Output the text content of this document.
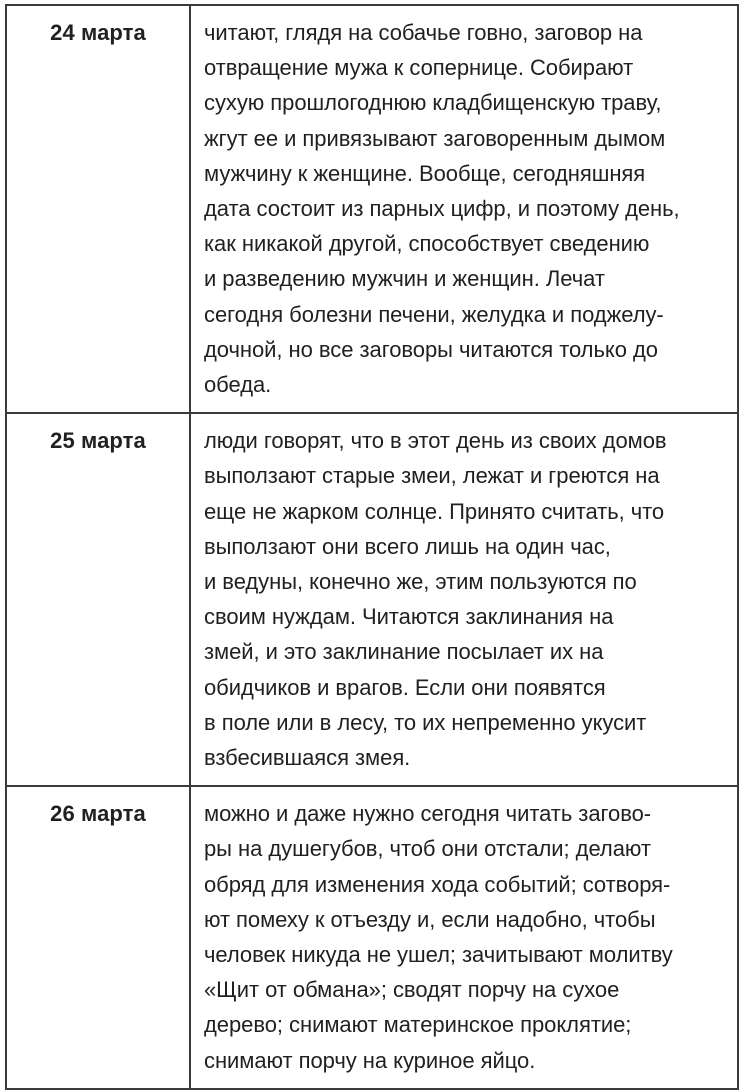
24 марта	читают, глядя на собачье говно, заговор на
отвращение мужа к сопернице. Собирают
сухую прошлогоднюю кладбищенскую траву,
жгут ее и привязывают заговоренным дымом
мужчину к женщине. Вообще, сегодняшняя
дата состоит из парных цифр, и поэтому день,
как никакой другой, способствует сведению
и разведению мужчин и женщин. Лечат
сегодня болезни печени, желудка и поджелу-
дочной, но все заговоры читаются только до
обеда.

25 марта	люди говорят, что в этот день из своих домов
выползают старые змеи, лежат и греются на
еще не жарком солнце. Принято считать, что
выползают они всего лишь на один час,
и ведуны, конечно же, этим пользуются по
своим нуждам. Читаются заклинания на
змей, и это заклинание посылает их на
обидчиков и врагов. Если они появятся
в поле или в лесу, то их непременно укусит
взбесившаяся змея.

26 марта	можно и даже нужно сегодня читать загово-
ры на душегубов, чтоб они отстали; делают
обряд для изменения хода событий; сотворя-
ют помеху к отъезду и, если надобно, чтобы
человек никуда не ушел; зачитывают молитву
«Щит от обмана»; сводят порчу на сухое
дерево; снимают материнское проклятие;
снимают порчу на куриное яйцо.
